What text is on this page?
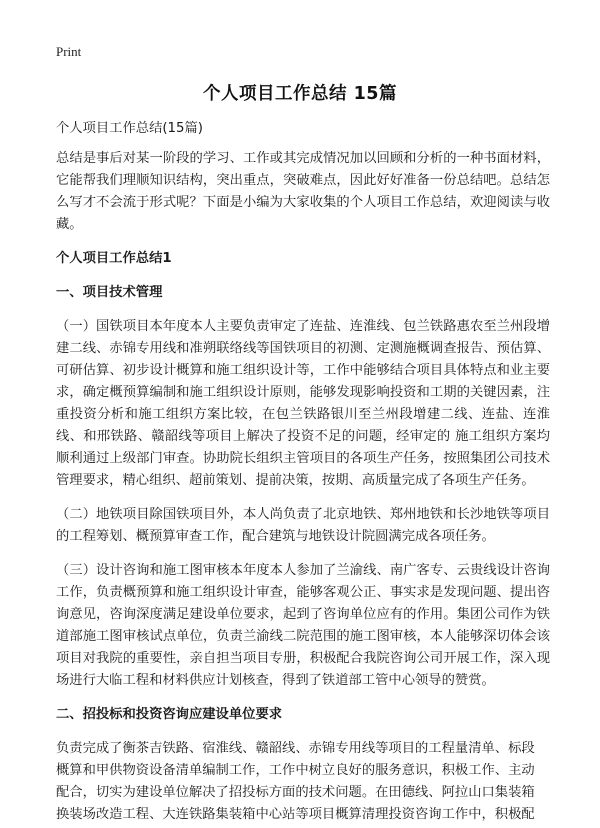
Print
个人项目工作总结 15篇

个人项目工作总结(15篇)

总结是事后对某一阶段的学习、工作或其完成情况加以回顾和分析的一种书面材料，它能帮我们理顺知识结构，突出重点，突破难点，因此好好准备一份总结吧。总结怎么写才不会流于形式呢？下面是小编为大家收集的个人项目工作总结，欢迎阅读与收藏。

个人项目工作总结1

一、项目技术管理

（一）国铁项目本年度本人主要负责审定了连盐、连淮线、包兰铁路惠农至兰州段增建二线、赤锦专用线和准朔联络线等国铁项目的初测、定测施概调查报告、预估算、可研估算、初步设计概算和施工组织设计等，工作中能够结合项目具体特点和业主要求，确定概预算编制和施工组织设计原则，能够发现影响投资和工期的关键因素，注重投资分析和施工组织方案比较，在包兰铁路银川至兰州段增建二线、连盐、连淮线、和邢铁路、赣韶线等项目上解决了投资不足的问题，经审定的 施工组织方案均顺利通过上级部门审查。协助院长组织主管项目的各项生产任务，按照集团公司技术管理要求，精心组织、超前策划、提前决策，按期、高质量完成了各项生产任务。

（二）地铁项目除国铁项目外，本人尚负责了北京地铁、郑州地铁和长沙地铁等项目的工程筹划、概预算审查工作，配合建筑与地铁设计院圆满完成各项任务。

（三）设计咨询和施工图审核本年度本人参加了兰渝线、南广客专、云贵线设计咨询工作，负责概预算和施工组织设计审查，能够客观公正、事实求是发现问题、提出咨询意见，咨询深度满足建设单位要求，起到了咨询单位应有的作用。集团公司作为铁道部施工图审核试点单位，负责兰渝线二院范围的施工图审核，本人能够深切体会该项目对我院的重要性，亲自担当项目专册，积极配合我院咨询公司开展工作，深入现场进行大临工程和材料供应计划核查，得到了铁道部工管中心领导的赞赏。

二、招投标和投资咨询应建设单位要求

负责完成了衡茶吉铁路、宿淮线、赣韶线、赤锦专用线等项目的工程量清单、标段
概算和甲供物资设备清单编制工作，工作中树立良好的服务意识，积极工作、主动
配合，切实为建设单位解决了招投标方面的技术问题。在田德线、阿拉山口集装箱
换装场改造工程、大连铁路集装箱中心站等项目概算清理投资咨询工作中，积极配
